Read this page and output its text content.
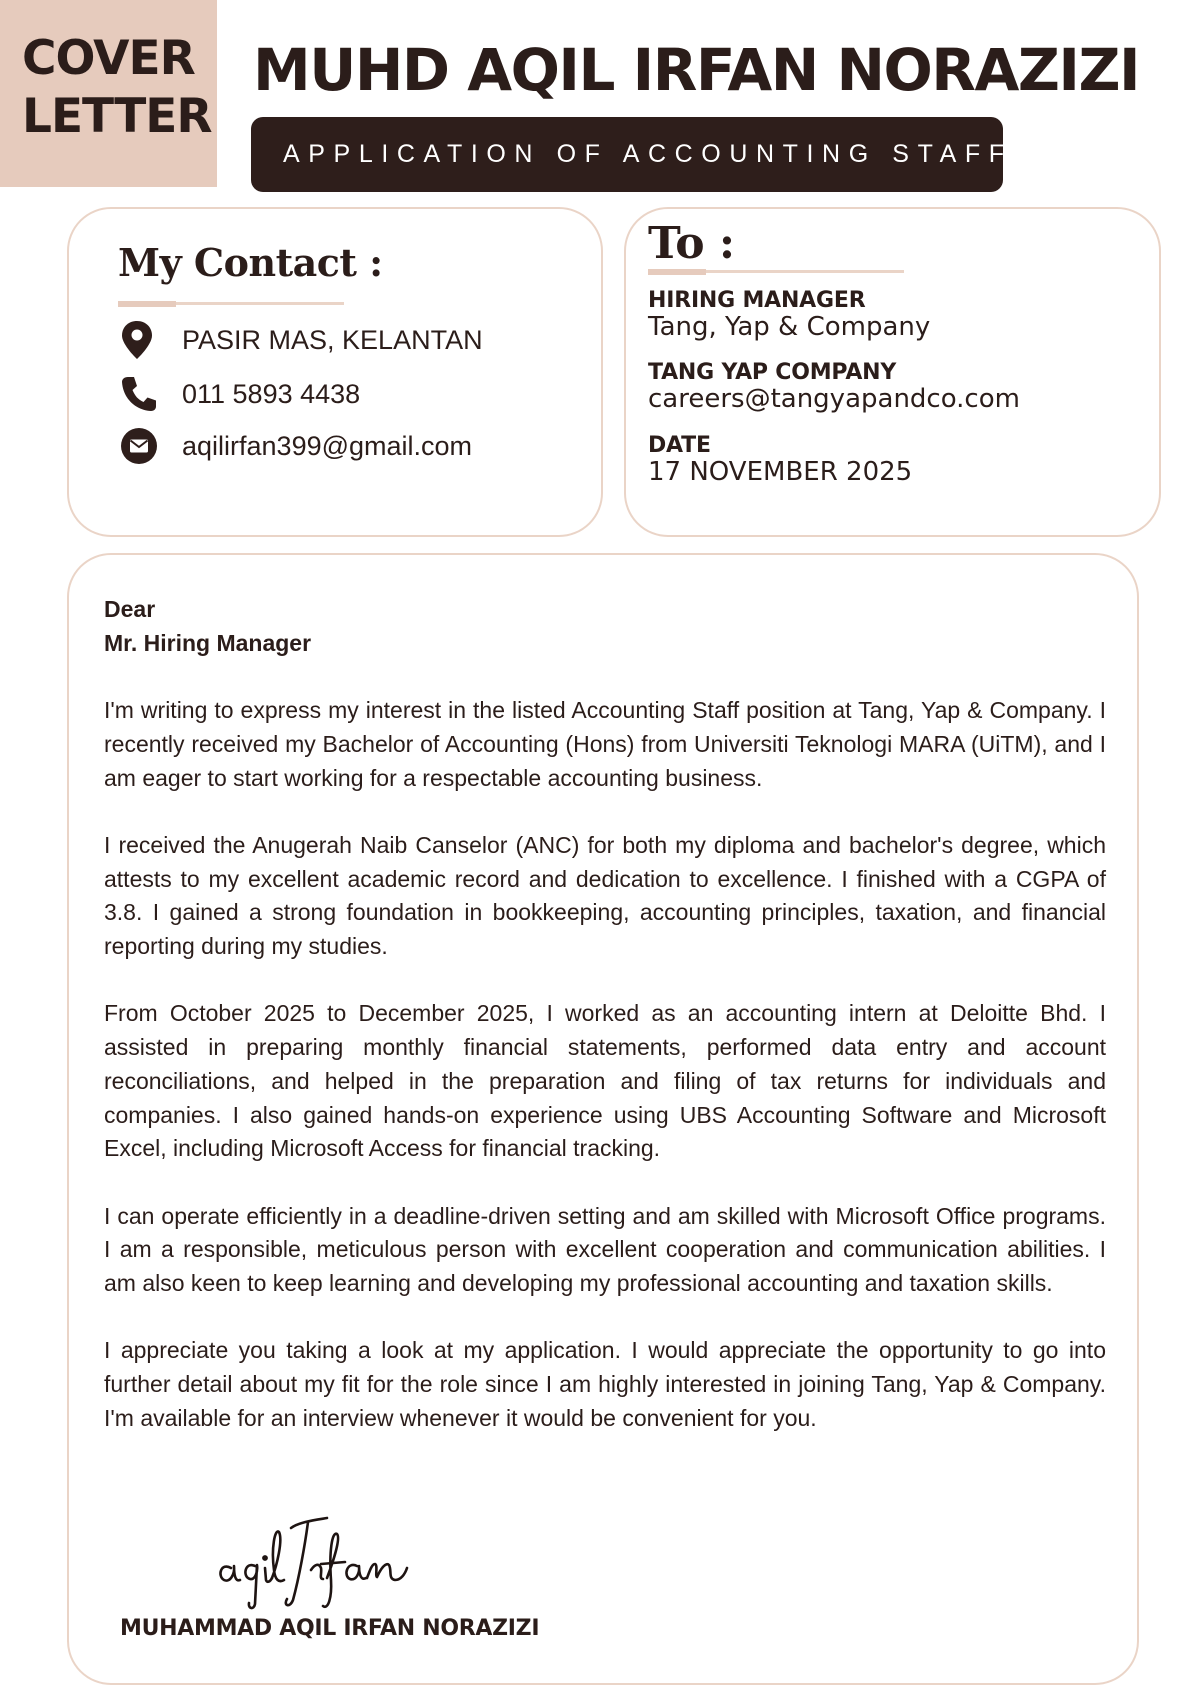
COVER
LETTER
MUHD AQIL IRFAN NORAZIZI
APPLICATION OF ACCOUNTING STAFF
My Contact :
PASIR MAS, KELANTAN
011 5893 4438
aqilirfan399@gmail.com
To :
HIRING MANAGER
Tang, Yap & Company
TANG YAP COMPANY
careers@tangyapandco.com
DATE
17 NOVEMBER 2025
Dear
Mr. Hiring Manager

I'm writing to express my interest in the listed Accounting Staff position at Tang, Yap & Company. I recently received my Bachelor of Accounting (Hons) from Universiti Teknologi MARA (UiTM), and I am eager to start working for a respectable accounting business.

I received the Anugerah Naib Canselor (ANC) for both my diploma and bachelor's degree, which attests to my excellent academic record and dedication to excellence. I finished with a CGPA of 3.8. I gained a strong foundation in bookkeeping, accounting principles, taxation, and financial reporting during my studies.

From October 2025 to December 2025, I worked as an accounting intern at Deloitte Bhd. I assisted in preparing monthly financial statements, performed data entry and account reconciliations, and helped in the preparation and filing of tax returns for individuals and companies. I also gained hands-on experience using UBS Accounting Software and Microsoft Excel, including Microsoft Access for financial tracking.

I can operate efficiently in a deadline-driven setting and am skilled with Microsoft Office programs. I am a responsible, meticulous person with excellent cooperation and communication abilities. I am also keen to keep learning and developing my professional accounting and taxation skills.

I appreciate you taking a look at my application. I would appreciate the opportunity to go into further detail about my fit for the role since I am highly interested in joining Tang, Yap & Company. I'm available for an interview whenever it would be convenient for you.

MUHAMMAD AQIL IRFAN NORAZIZI
